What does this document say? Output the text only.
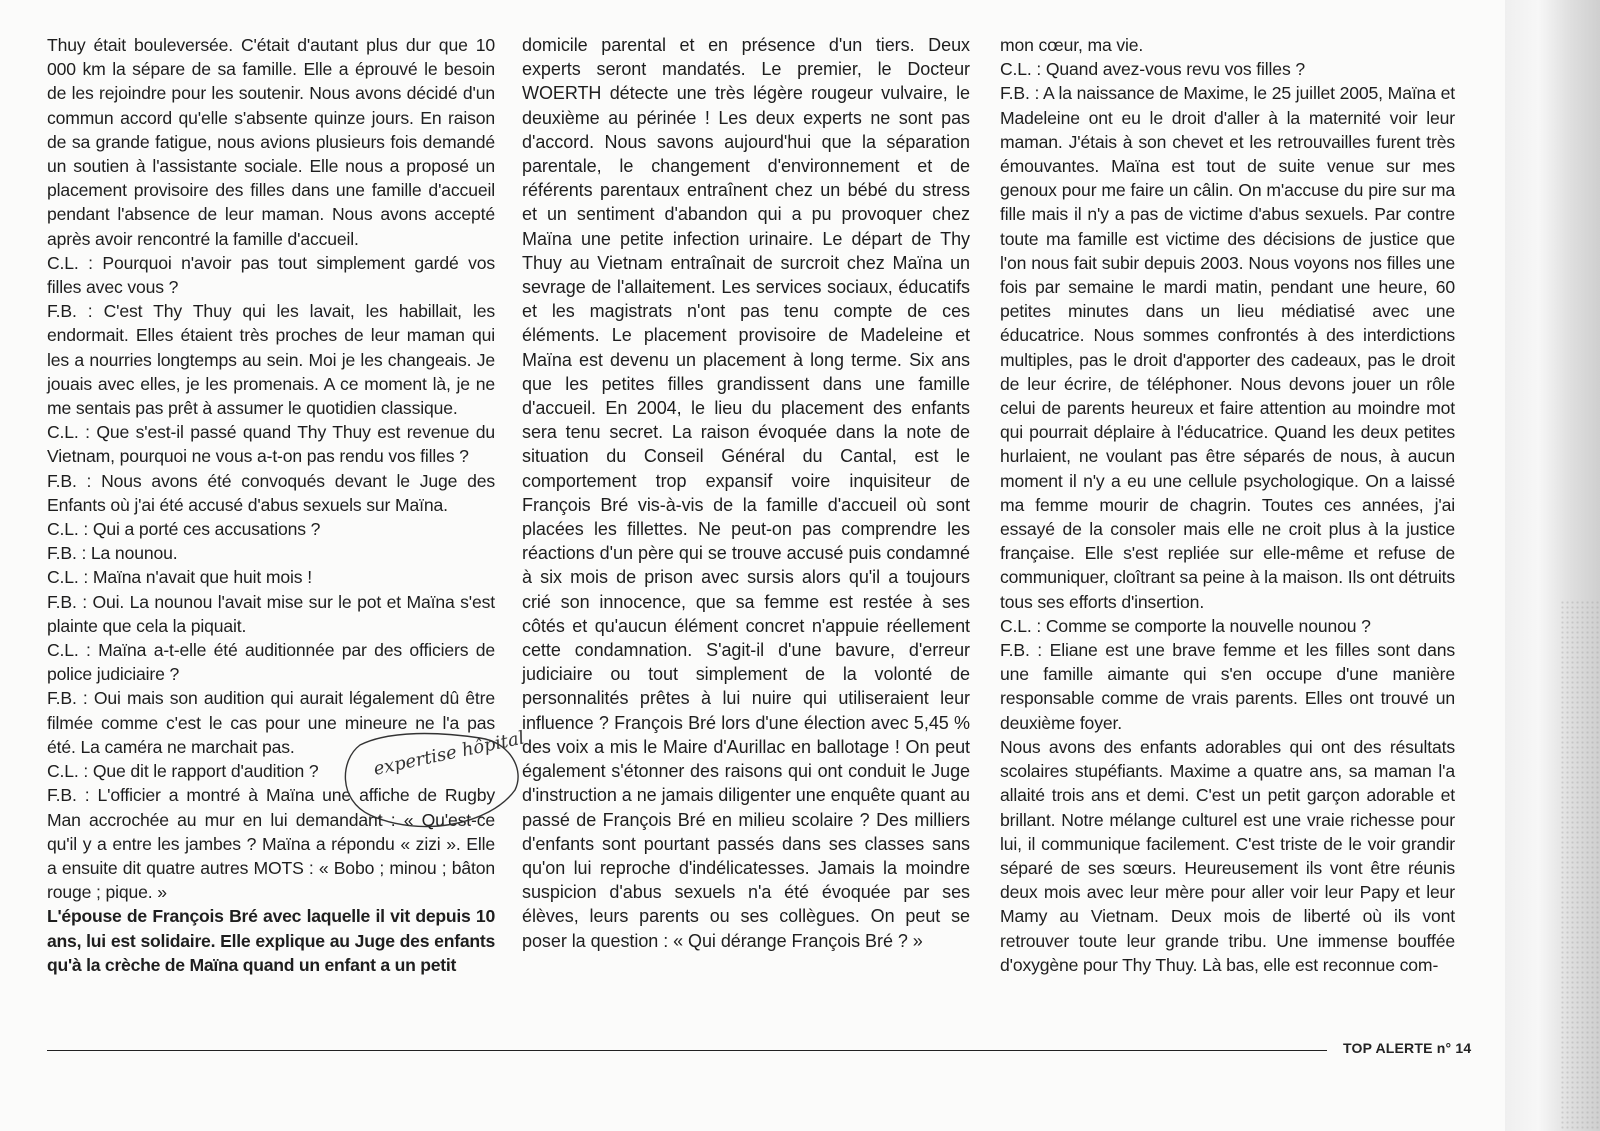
Thuy était bouleversée. C'était d'autant plus dur que 10 000 km la sépare de sa famille. Elle a éprouvé le besoin de les rejoindre pour les soutenir. Nous avons décidé d'un commun accord qu'elle s'absente quinze jours. En raison de sa grande fatigue, nous avions plusieurs fois demandé un soutien à l'assistante sociale. Elle nous a proposé un placement provisoire des filles dans une famille d'accueil pendant l'absence de leur maman. Nous avons accepté après avoir rencontré la famille d'accueil.

C.L. : Pourquoi n'avoir pas tout simplement gardé vos filles avec vous ?

F.B. : C'est Thy Thuy qui les lavait, les habillait, les endormait. Elles étaient très proches de leur maman qui les a nourries longtemps au sein. Moi je les changeais. Je jouais avec elles, je les promenais. A ce moment là, je ne me sentais pas prêt à assumer le quotidien classique.

C.L. : Que s'est-il passé quand Thy Thuy est revenue du Vietnam, pourquoi ne vous a-t-on pas rendu vos filles ?

F.B. : Nous avons été convoqués devant le Juge des Enfants où j'ai été accusé d'abus sexuels sur Maïna.

C.L. : Qui a porté ces accusations ?

F.B. : La nounou.

C.L. : Maïna n'avait que huit mois !

F.B. : Oui. La nounou l'avait mise sur le pot et Maïna s'est plainte que cela la piquait.

C.L. : Maïna a-t-elle été auditionnée par des officiers de police judiciaire ?

F.B. : Oui mais son audition qui aurait légalement dû être filmée comme c'est le cas pour une mineure ne l'a pas été. La caméra ne marchait pas.

C.L. : Que dit le rapport d'audition ?

F.B. : L'officier a montré à Maïna une affiche de Rugby Man accrochée au mur en lui demandant : « Qu'est-ce qu'il y a entre les jambes ? Maïna a répondu « zizi ». Elle a ensuite dit quatre autres MOTS : « Bobo ; minou ; bâton rouge ; pique. »

L'épouse de François Bré avec laquelle il vit depuis 10 ans, lui est solidaire. Elle explique au Juge des enfants qu'à la crèche de Maïna quand un enfant a un petit

domicile parental et en présence d'un tiers. Deux experts seront mandatés. Le premier, le Docteur WOERTH détecte une très légère rougeur vulvaire, le deuxième au périnée ! Les deux experts ne sont pas d'accord. Nous savons aujourd'hui que la séparation parentale, le changement d'environnement et de référents parentaux entraînent chez un bébé du stress et un sentiment d'abandon qui a pu provoquer chez Maïna une petite infection urinaire. Le départ de Thy Thuy au Vietnam entraînait de surcroit chez Maïna un sevrage de l'allaitement. Les services sociaux, éducatifs et les magistrats n'ont pas tenu compte de ces éléments. Le placement provisoire de Madeleine et Maïna est devenu un placement à long terme. Six ans que les petites filles grandissent dans une famille d'accueil. En 2004, le lieu du placement des enfants sera tenu secret. La raison évoquée dans la note de situation du Conseil Général du Cantal, est le comportement trop expansif voire inquisiteur de François Bré vis-à-vis de la famille d'accueil où sont placées les fillettes. Ne peut-on pas comprendre les réactions d'un père qui se trouve accusé puis condamné à six mois de prison avec sursis alors qu'il a toujours crié son innocence, que sa femme est restée à ses côtés et qu'aucun élément concret n'appuie réellement cette condamnation. S'agit-il d'une bavure, d'erreur judiciaire ou tout simplement de la volonté de personnalités prêtes à lui nuire qui utiliseraient leur influence ? François Bré lors d'une élection avec 5,45 % des voix a mis le Maire d'Aurillac en ballotage ! On peut également s'étonner des raisons qui ont conduit le Juge d'instruction a ne jamais diligenter une enquête quant au passé de François Bré en milieu scolaire ? Des milliers d'enfants sont pourtant passés dans ses classes sans qu'on lui reproche d'indélicatesses. Jamais la moindre suspicion d'abus sexuels n'a été évoquée par ses élèves, leurs parents ou ses collègues. On peut se poser la question : « Qui dérange François Bré ? »

mon cœur, ma vie.

C.L. : Quand avez-vous revu vos filles ?

F.B. : A la naissance de Maxime, le 25 juillet 2005, Maïna et Madeleine ont eu le droit d'aller à la maternité voir leur maman. J'étais à son chevet et les retrouvailles furent très émouvantes. Maïna est tout de suite venue sur mes genoux pour me faire un câlin. On m'accuse du pire sur ma fille mais il n'y a pas de victime d'abus sexuels. Par contre toute ma famille est victime des décisions de justice que l'on nous fait subir depuis 2003. Nous voyons nos filles une fois par semaine le mardi matin, pendant une heure, 60 petites minutes dans un lieu médiatisé avec une éducatrice. Nous sommes confrontés à des interdictions multiples, pas le droit d'apporter des cadeaux, pas le droit de leur écrire, de téléphoner. Nous devons jouer un rôle celui de parents heureux et faire attention au moindre mot qui pourrait déplaire à l'éducatrice. Quand les deux petites hurlaient, ne voulant pas être séparés de nous, à aucun moment il n'y a eu une cellule psychologique. On a laissé ma femme mourir de chagrin. Toutes ces années, j'ai essayé de la consoler mais elle ne croit plus à la justice française. Elle s'est repliée sur elle-même et refuse de communiquer, cloîtrant sa peine à la maison. Ils ont détruits tous ses efforts d'insertion.

C.L. : Comme se comporte la nouvelle nounou ?

F.B. : Eliane est une brave femme et les filles sont dans une famille aimante qui s'en occupe d'une manière responsable comme de vrais parents. Elles ont trouvé un deuxième foyer.

Nous avons des enfants adorables qui ont des résultats scolaires stupéfiants. Maxime a quatre ans, sa maman l'a allaité trois ans et demi. C'est un petit garçon adorable et brillant. Notre mélange culturel est une vraie richesse pour lui, il communique facilement. C'est triste de le voir grandir séparé de ses sœurs. Heureusement ils vont être réunis deux mois avec leur mère pour aller voir leur Papy et leur Mamy au Vietnam. Deux mois de liberté où ils vont retrouver toute leur grande tribu. Une immense bouffée d'oxygène pour Thy Thuy. Là bas, elle est reconnue com-

expertise hôpital
TOP ALERTE n° 14
